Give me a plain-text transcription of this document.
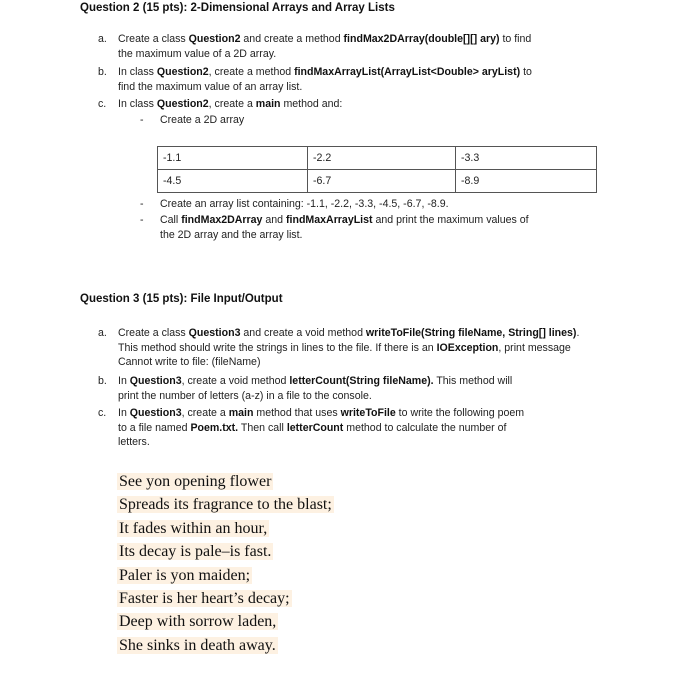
Question 2 (15 pts): 2-Dimensional Arrays and Array Lists
a. Create a class Question2 and create a method findMax2DArray(double[][] ary) to find
the maximum value of a 2D array.
b. In class Question2, create a method findMaxArrayList(ArrayList<Double> aryList) to
find the maximum value of an array list.
c. In class Question2, create a main method and:
- Create a 2D array
-1.1	-2.2	-3.3
-4.5	-6.7	-8.9
- Create an array list containing: -1.1, -2.2, -3.3, -4.5, -6.7, -8.9.
- Call findMax2DArray and findMaxArrayList and print the maximum values of
the 2D array and the array list.
Question 3 (15 pts): File Input/Output
a. Create a class Question3 and create a void method writeToFile(String fileName, String[] lines). This method should write the strings in lines to the file. If there is an IOException, print message Cannot write to file: (fileName)
b. In Question3, create a void method letterCount(String fileName). This method will
print the number of letters (a-z) in a file to the console.
c. In Question3, create a main method that uses writeToFile to write the following poem
to a file named Poem.txt. Then call letterCount method to calculate the number of
letters.
See yon opening flower
Spreads its fragrance to the blast;
It fades within an hour,
Its decay is pale–is fast.
Paler is yon maiden;
Faster is her heart’s decay;
Deep with sorrow laden,
She sinks in death away.
